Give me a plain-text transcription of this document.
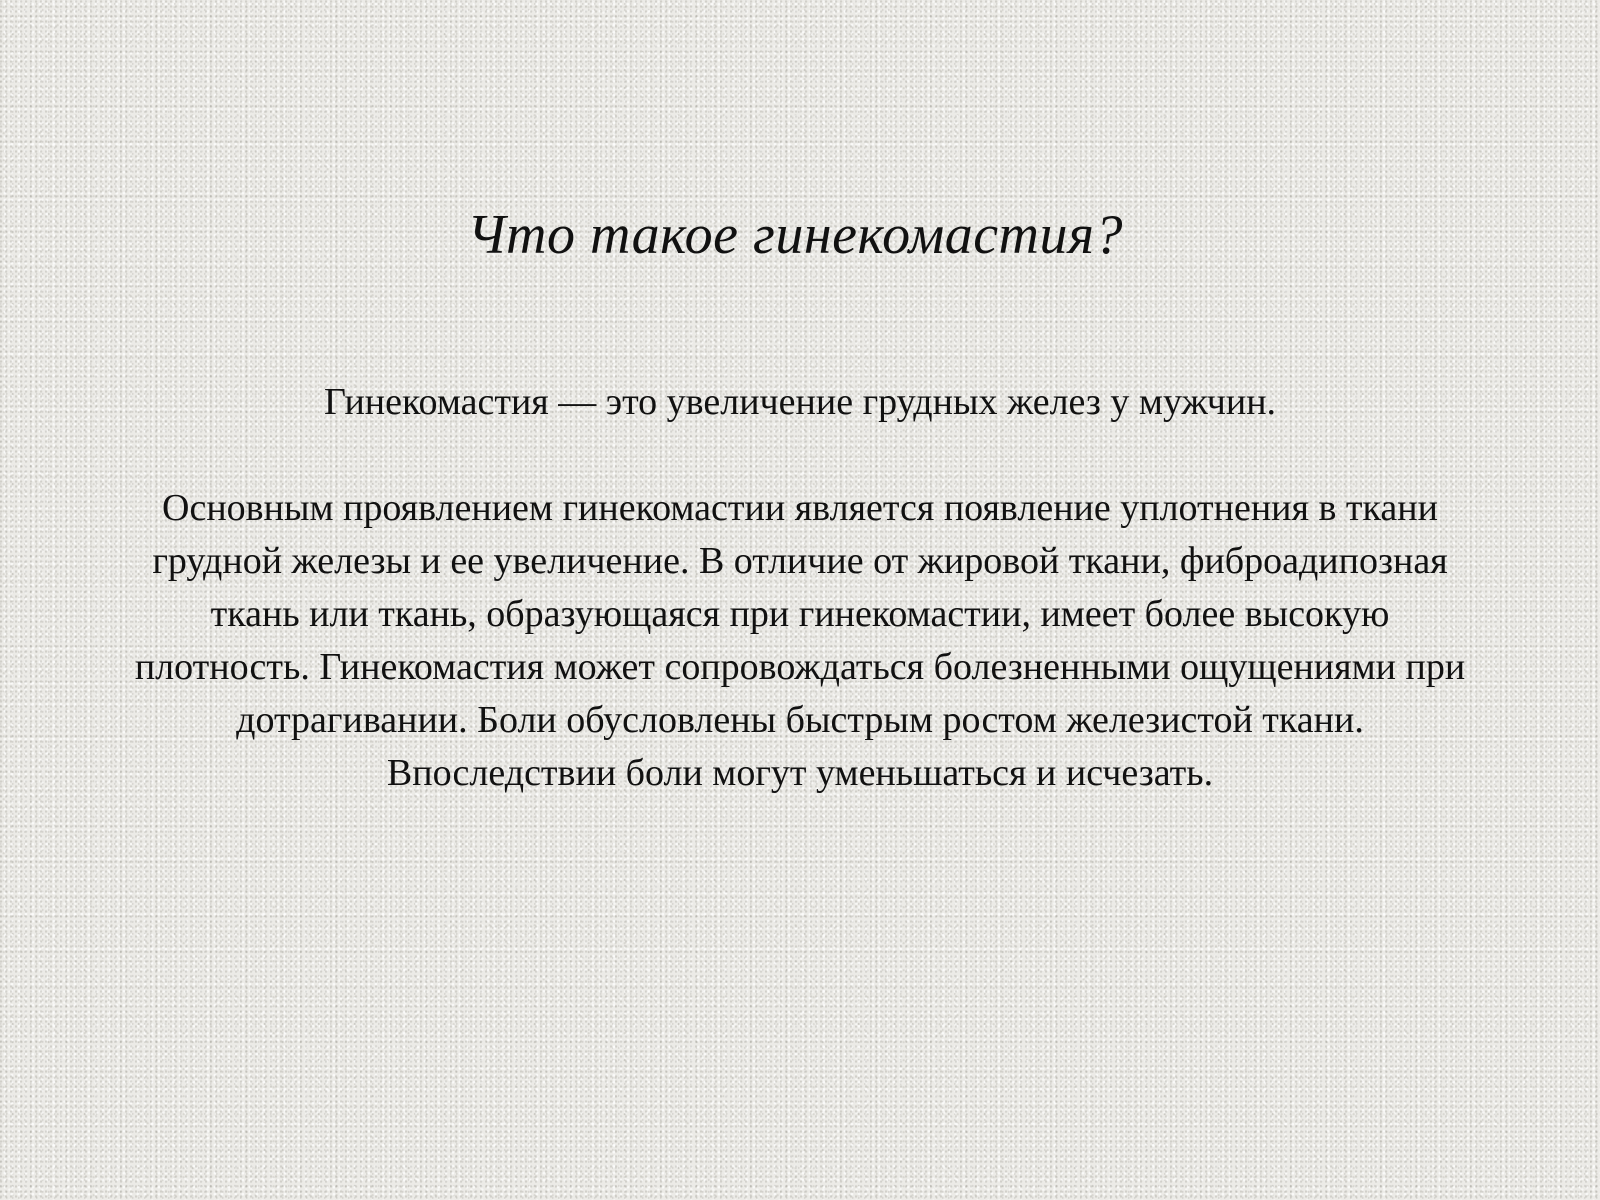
Что такое гинекомастия?

Гинекомастия — это увеличение грудных желез у мужчин.

Основным проявлением гинекомастии является появление уплотнения в ткани грудной железы и ее увеличение. В отличие от жировой ткани, фиброадипозная ткань или ткань, образующаяся при гинекомастии, имеет более высокую плотность. Гинекомастия может сопровождаться болезненными ощущениями при дотрагивании. Боли обусловлены быстрым ростом железистой ткани. Впоследствии боли могут уменьшаться и исчезать.
